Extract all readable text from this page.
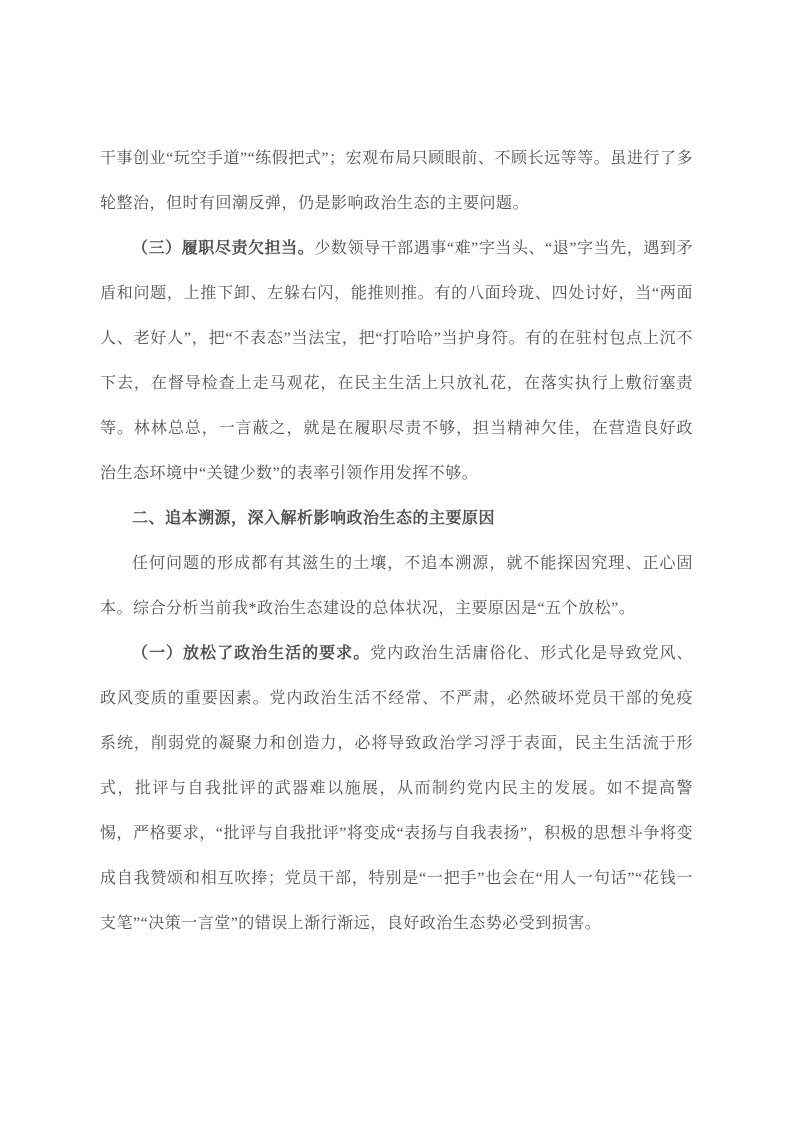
干事创业“玩空手道”“练假把式”；宏观布局只顾眼前、不顾长远等等。虽进行了多轮整治，但时有回潮反弹，仍是影响政治生态的主要问题。

（三）履职尽责欠担当。少数领导干部遇事“难”字当头、“退”字当先，遇到矛盾和问题，上推下卸、左躲右闪，能推则推。有的八面玲珑、四处讨好，当“两面人、老好人”，把“不表态”当法宝，把“打哈哈”当护身符。有的在驻村包点上沉不下去，在督导检查上走马观花，在民主生活上只放礼花，在落实执行上敷衍塞责等。林林总总，一言蔽之，就是在履职尽责不够，担当精神欠佳，在营造良好政治生态环境中“关键少数”的表率引领作用发挥不够。

二、追本溯源，深入解析影响政治生态的主要原因

任何问题的形成都有其滋生的土壤，不追本溯源，就不能探因究理、正心固本。综合分析当前我*政治生态建设的总体状况，主要原因是“五个放松”。

（一）放松了政治生活的要求。党内政治生活庸俗化、形式化是导致党风、政风变质的重要因素。党内政治生活不经常、不严肃，必然破坏党员干部的免疫系统，削弱党的凝聚力和创造力，必将导致政治学习浮于表面，民主生活流于形式，批评与自我批评的武器难以施展，从而制约党内民主的发展。如不提高警惕，严格要求，“批评与自我批评”将变成“表扬与自我表扬”，积极的思想斗争将变成自我赞颂和相互吹捧；党员干部，特别是“一把手”也会在“用人一句话”“花钱一支笔”“决策一言堂”的错误上渐行渐远，良好政治生态势必受到损害。
